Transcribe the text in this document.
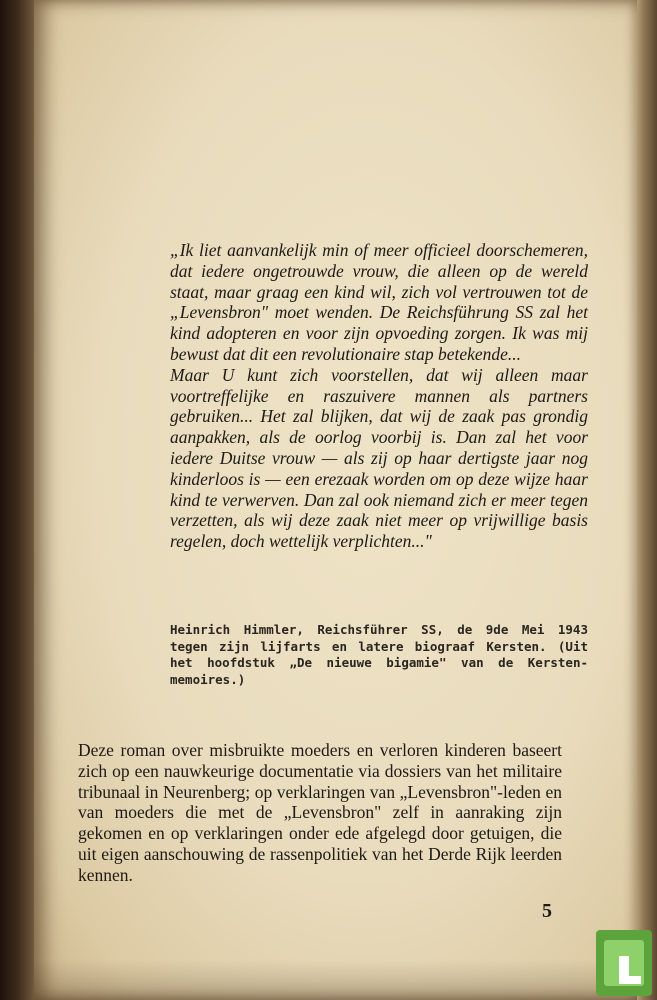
„Ik liet aanvankelijk min of meer officieel doorschemeren, dat iedere ongetrouwde vrouw, die alleen op de wereld staat, maar graag een kind wil, zich vol vertrouwen tot de „Levensbron" moet wenden. De Reichsführung SS zal het kind adopteren en voor zijn opvoeding zorgen. Ik was mij bewust dat dit een revolutionaire stap betekende...

Maar U kunt zich voorstellen, dat wij alleen maar voortreffelijke en raszuivere mannen als partners gebruiken... Het zal blijken, dat wij de zaak pas grondig aanpakken, als de oorlog voorbij is. Dan zal het voor iedere Duitse vrouw — als zij op haar dertigste jaar nog kinderloos is — een erezaak worden om op deze wijze haar kind te verwerven. Dan zal ook niemand zich er meer tegen verzetten, als wij deze zaak niet meer op vrijwillige basis regelen, doch wettelijk verplichten..."

Heinrich Himmler, Reichsführer SS, de 9de Mei 1943 tegen zijn lijfarts en latere biograaf Kersten. (Uit het hoofdstuk „De nieuwe bigamie" van de Kersten-memoires.)
Deze roman over misbruikte moeders en verloren kinderen baseert zich op een nauwkeurige documentatie via dossiers van het militaire tribunaal in Neurenberg; op verklaringen van „Levensbron"-leden en van moeders die met de „Levensbron" zelf in aanraking zijn gekomen en op verklaringen onder ede afgelegd door getuigen, die uit eigen aanschouwing de rassenpolitiek van het Derde Rijk leerden kennen.
5
